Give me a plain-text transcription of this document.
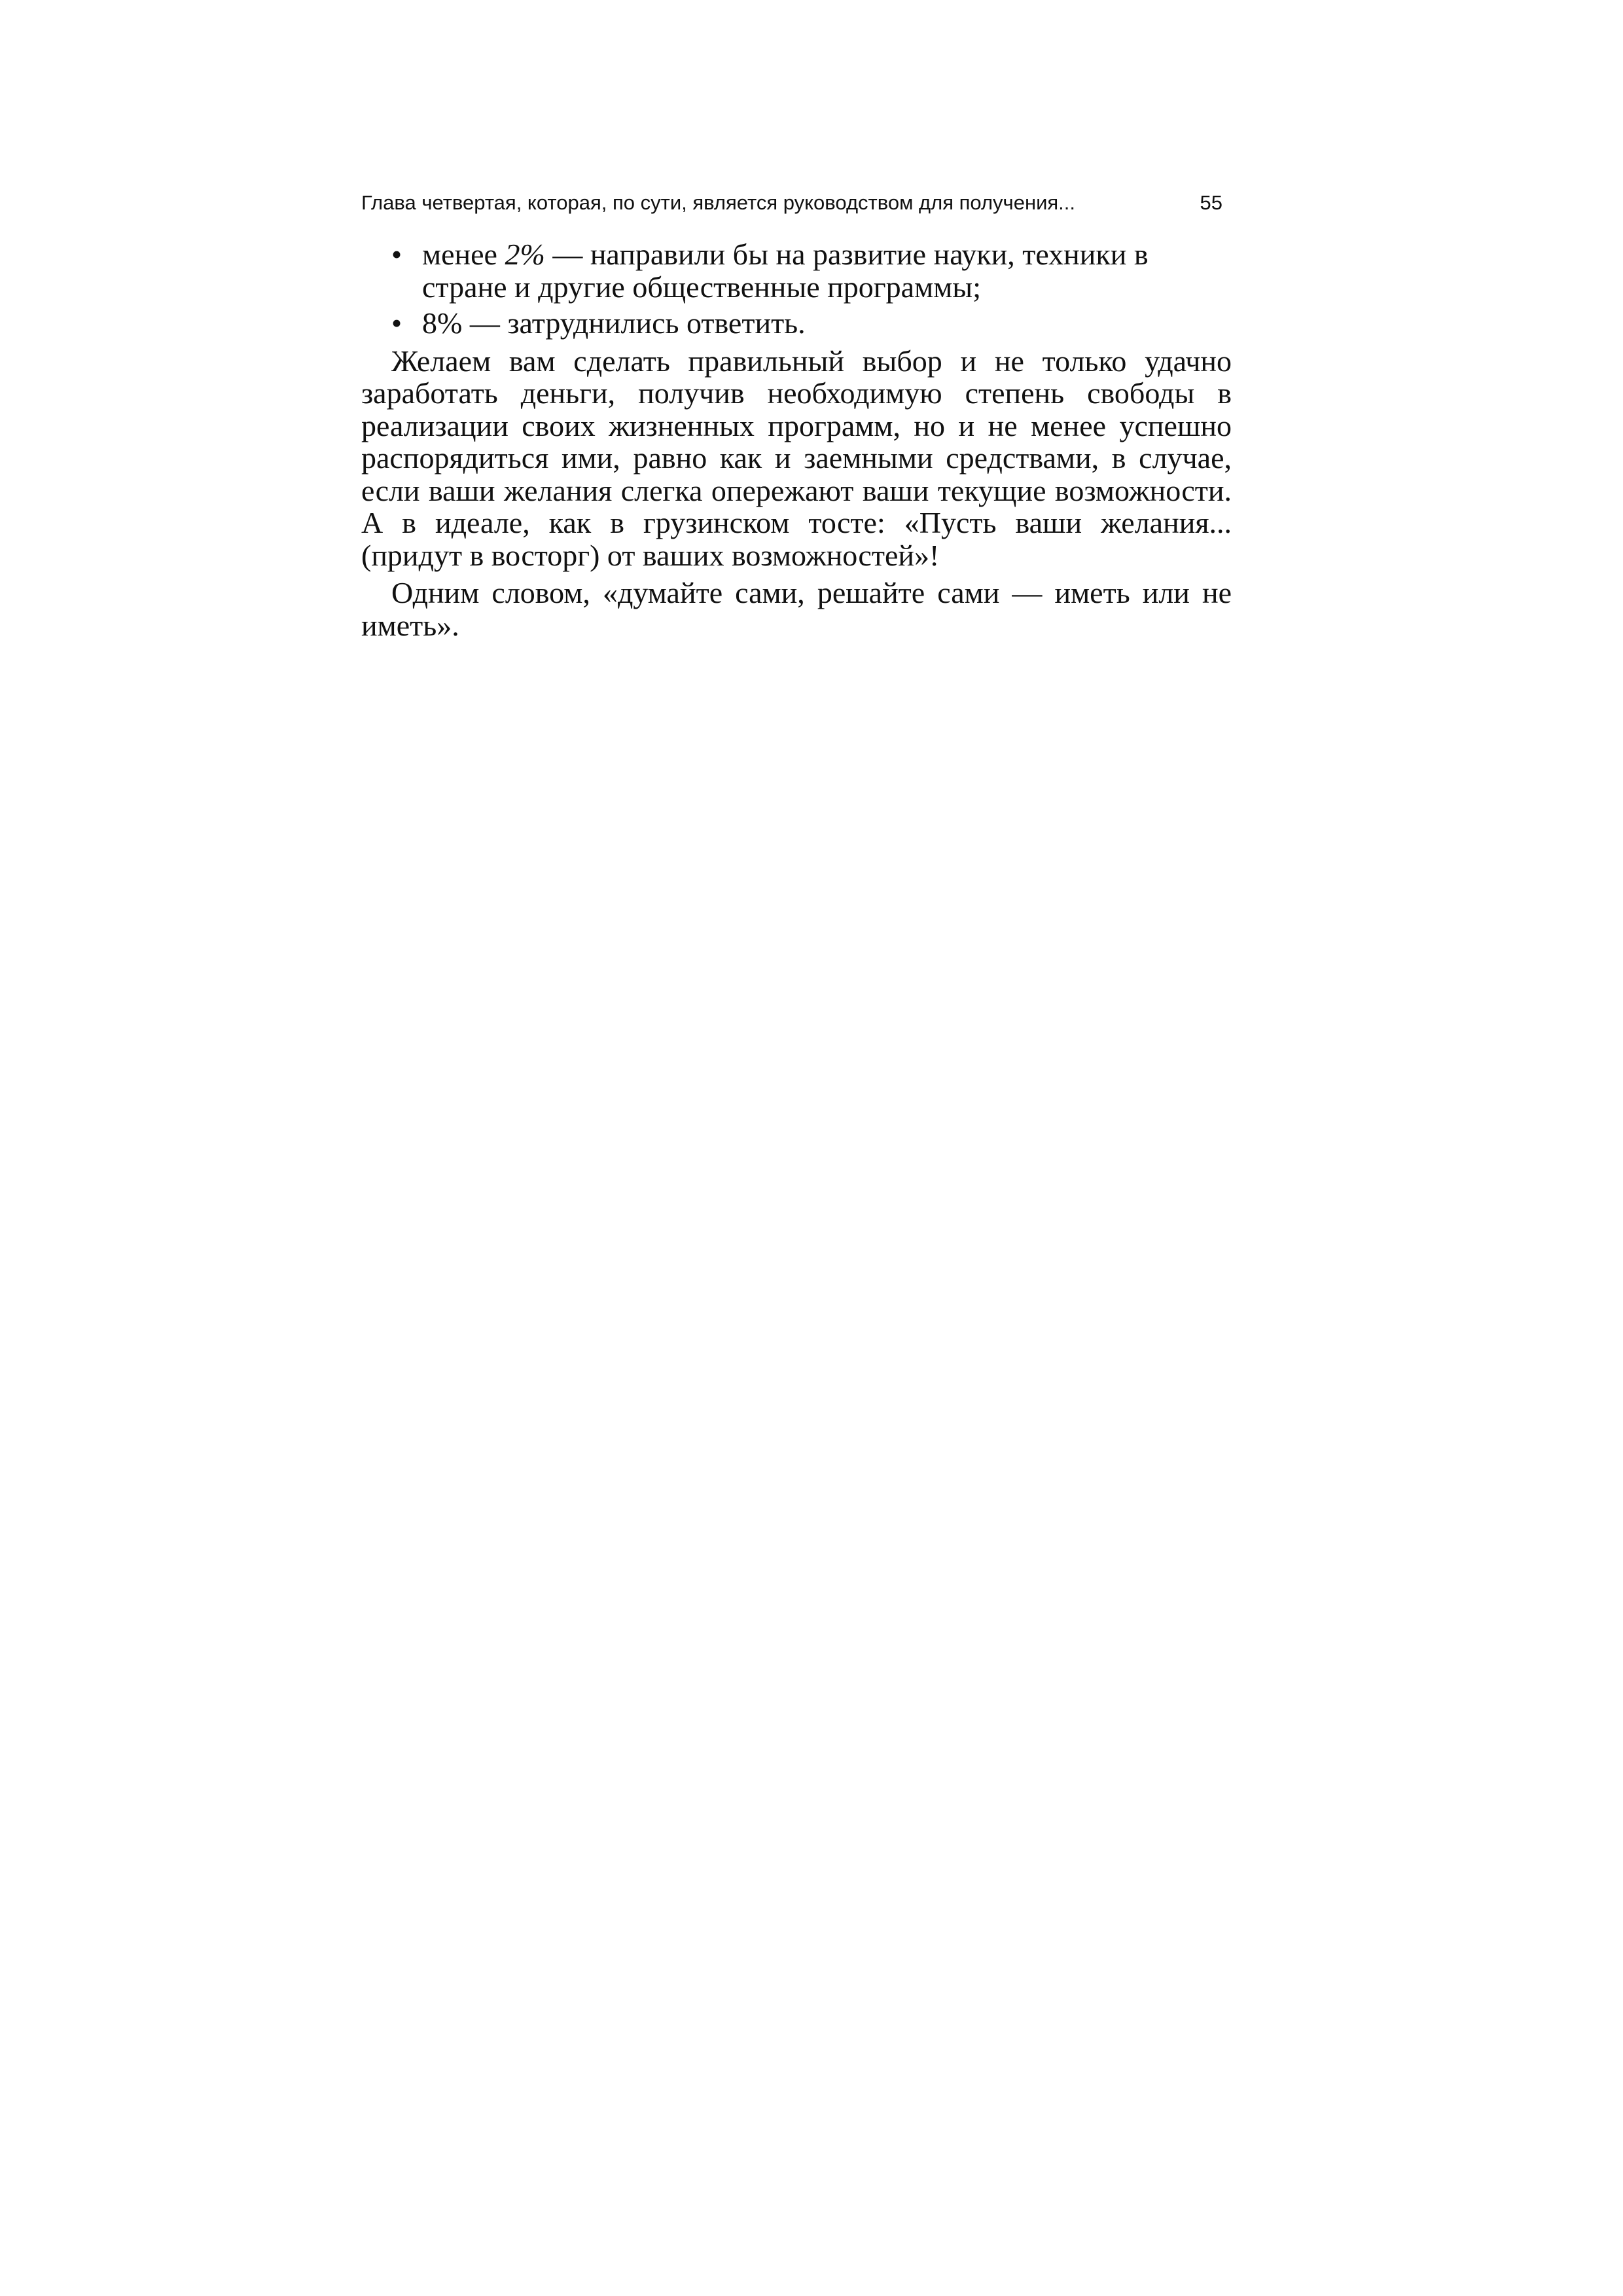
Глава четвертая, которая, по сути, является руководством для получения...	55
• менее 2% — направили бы на развитие науки, техники в стране и другие общественные программы;
• 8% — затруднились ответить.

Желаем вам сделать правильный выбор и не только удачно заработать деньги, получив необходимую степень свободы в реализации своих жизненных программ, но и не менее успешно распорядиться ими, равно как и заемными средствами, в случае, если ваши желания слегка опережают ваши текущие возможности. А в идеале, как в грузинском тосте: «Пусть ваши желания... (придут в восторг) от ваших возможностей»!

Одним словом, «думайте сами, решайте сами — иметь или не иметь».
